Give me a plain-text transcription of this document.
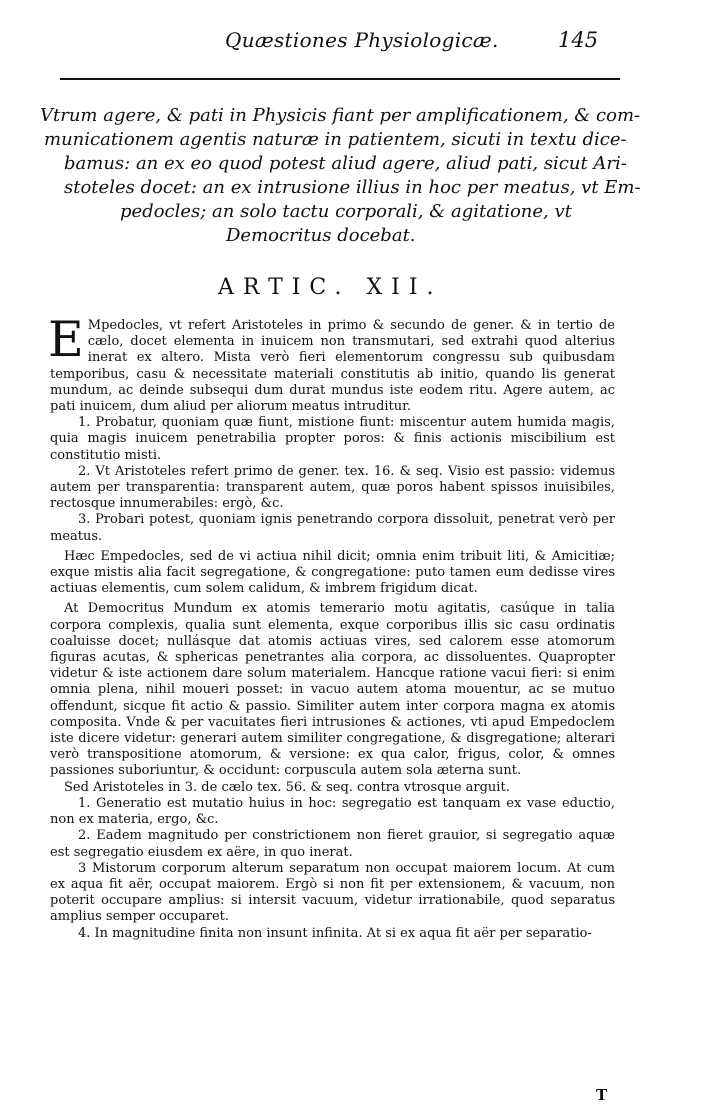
Quæstiones Physiologicæ.	145
Vtrum agere, & pati in Physicis fiant per amplificationem, & com-
municationem agentis naturæ in patientem, sicuti in textu dice-
bamus: an ex eo quod potest aliud agere, aliud pati, sicut Ari-
stoteles docet: an ex intrusione illius in hoc per meatus, vt Em-
pedocles; an solo tactu corporali, & agitatione, vt
Democritus docebat.
ARTIC. XII.

E Mpedocles, vt refert Aristoteles in primo & secundo de gener. & in tertio de cælo, docet elementa in inuicem non transmutari, sed extrahi quod alterius inerat ex altero. Mista verò fieri elementorum congressu sub quibusdam temporibus, casu & necessitate materiali constitutis ab initio, quando lis generat mundum, ac deinde subsequi dum durat mundus iste eodem ritu. Agere autem, ac pati inuicem, dum aliud per aliorum meatus intruditur.

1. Probatur, quoniam quæ fiunt, mistione fiunt: miscentur autem humida magis, quia magis inuicem penetrabilia propter poros: & finis actionis miscibilium est constitutio misti.

2. Vt Aristoteles refert primo de gener. tex. 16. & seq. Visio est passio: videmus autem per transparentia: transparent autem, quæ poros habent spissos inuisibiles, rectosque innumerabiles: ergò, &c.

3. Probari potest, quoniam ignis penetrando corpora dissoluit, penetrat verò per meatus.

Hæc Empedocles, sed de vi actiua nihil dicit; omnia enim tribuit liti, & Amicitiæ; exque mistis alia facit segregatione, & congregatione: puto tamen eum dedisse vires actiuas elementis, cum solem calidum, & imbrem frigidum dicat.

At Democritus Mundum ex atomis temerario motu agitatis, casúque in talia corpora complexis, qualia sunt elementa, exque corporibus illis sic casu ordinatis coaluisse docet; nullásque dat atomis actiuas vires, sed calorem esse atomorum figuras acutas, & sphericas penetrantes alia corpora, ac dissoluentes. Quapropter videtur & iste actionem dare solum materialem. Hancque ratione vacui fieri: si enim omnia plena, nihil moueri posset: in vacuo autem atoma mouentur, ac se mutuo offendunt, sicque fit actio & passio. Similiter autem inter corpora magna ex atomis composita. Vnde & per vacuitates fieri intrusiones & actiones, vti apud Empedoclem iste dicere videtur: generari autem similiter congregatione, & disgregatione; alterari verò transpositione atomorum, & versione: ex qua calor, frigus, color, & omnes passiones suboriuntur, & occidunt: corpuscula autem sola æterna sunt.

Sed Aristoteles in 3. de cælo tex. 56. & seq. contra vtrosque arguit.

1. Generatio est mutatio huius in hoc: segregatio est tanquam ex vase eductio, non ex materia, ergo, &c.

2. Eadem magnitudo per constrictionem non fieret grauior, si segregatio aquæ est segregatio eiusdem ex aëre, in quo inerat.

3 Mistorum corporum alterum separatum non occupat maiorem locum. At cum ex aqua fit aër, occupat maiorem. Ergò si non fit per extensionem, & vacuum, non poterit occupare amplius: si intersit vacuum, videtur irrationabile, quod separatus amplius semper occuparet.

4. In magnitudine finita non insunt infinita. At si ex aqua fit aër per separatio-

T
